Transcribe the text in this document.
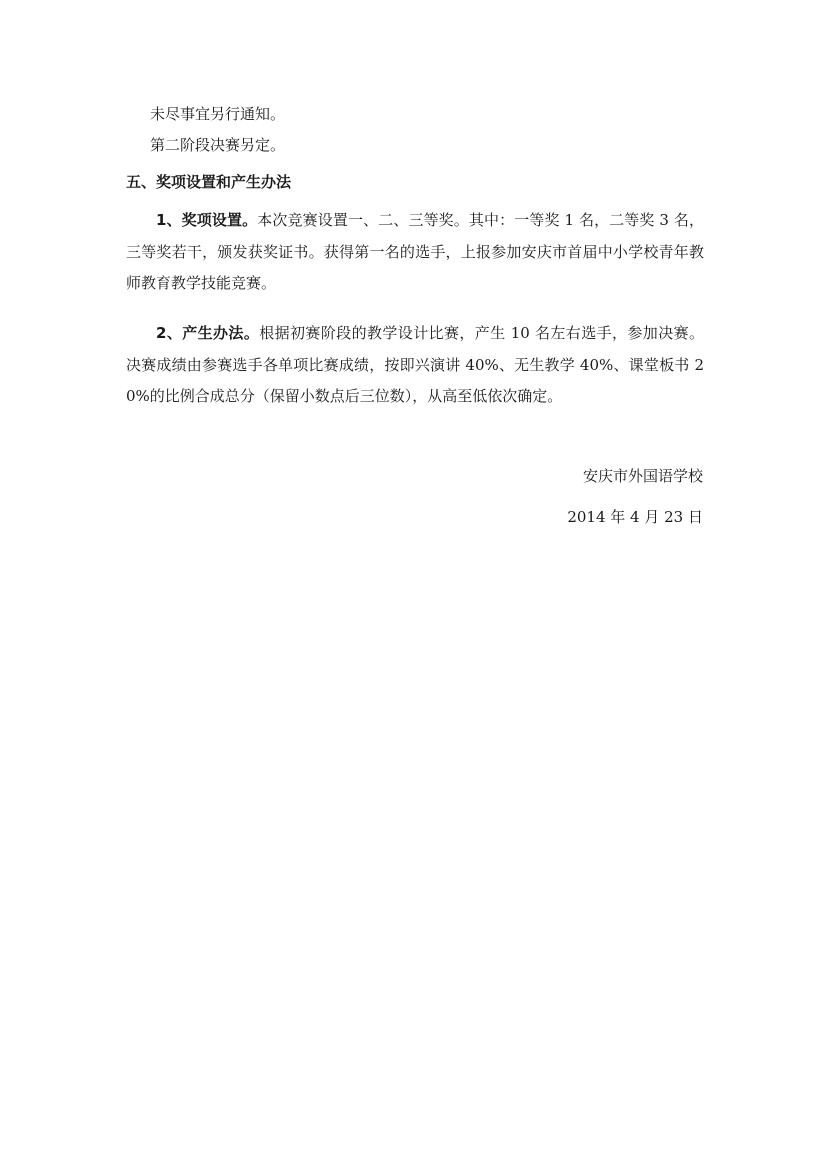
未尽事宜另行通知。
第二阶段决赛另定。
五、奖项设置和产生办法
1、奖项设置。本次竞赛设置一、二、三等奖。其中：一等奖 1 名，二等奖 3 名，三等奖若干，颁发获奖证书。获得第一名的选手，上报参加安庆市首届中小学校青年教师教育教学技能竞赛。
2、产生办法。根据初赛阶段的教学设计比赛，产生 10 名左右选手，参加决赛。决赛成绩由参赛选手各单项比赛成绩，按即兴演讲 40%、无生教学 40%、课堂板书 20%的比例合成总分（保留小数点后三位数），从高至低依次确定。
安庆市外国语学校
2014 年 4 月 23 日
